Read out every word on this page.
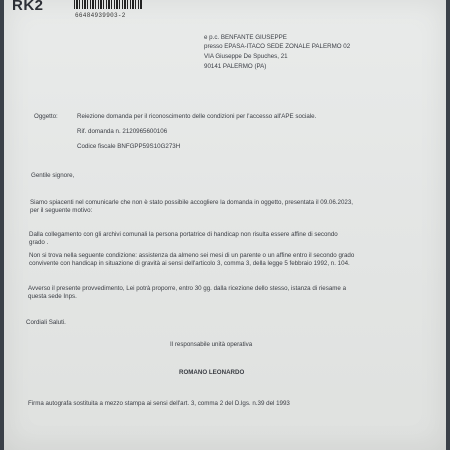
RK2
66484939903-2
e p.c. BENFANTE GIUSEPPE
presso EPASA-ITACO SEDE ZONALE PALERMO 02
VIA Giuseppe De Spuches, 21
90141 PALERMO (PA)
Oggetto:	Reiezione domanda per il riconoscimento delle condizioni per l'accesso all'APE sociale.
Rif. domanda n. 2120965600106
Codice fiscale BNFGPP59S10G273H
Gentile signore,
Siamo spiacenti nel comunicarle che non è stato possibile accogliere la domanda in oggetto, presentata il 09.06.2023,
per il seguente motivo:
Dalla collegamento con gli archivi comunali la persona portatrice di handicap non risulta essere affine di secondo
grado .
Non si trova nella seguente condizione: assistenza da almeno sei mesi di un parente o un affine entro il secondo grado
convivente con handicap in situazione di gravità ai sensi dell'articolo 3, comma 3, della legge 5 febbraio 1992, n. 104.
Avverso il presente provvedimento, Lei potrà proporre, entro 30 gg. dalla ricezione dello stesso, istanza di riesame a
questa sede Inps.
Cordiali Saluti.
Il responsabile unità operativa
ROMANO LEONARDO
Firma autografa sostituita a mezzo stampa ai sensi dell'art. 3, comma 2 del D.lgs. n.39 del 1993
